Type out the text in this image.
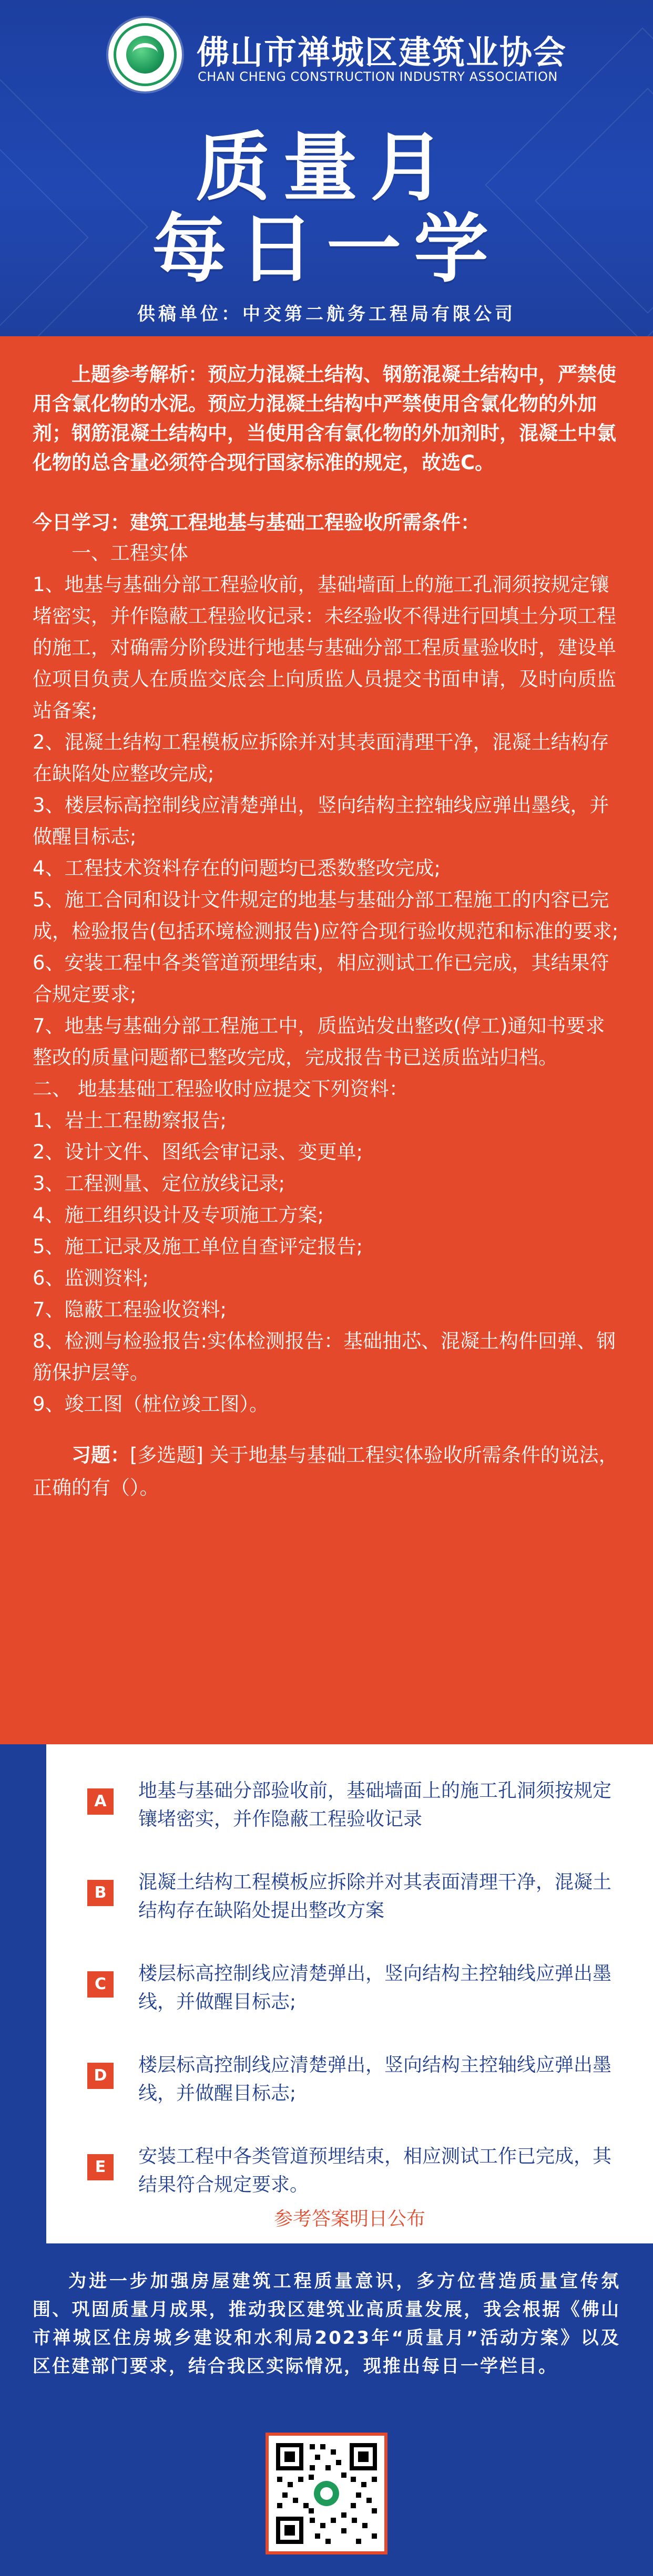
佛山市禅城区建筑业协会
CHAN CHENG CONSTRUCTION INDUSTRY ASSOCIATION
质量月
每日一学
供稿单位：中交第二航务工程局有限公司

上题参考解析：预应力混凝土结构、钢筋混凝土结构中，严禁使用含氯化物的水泥。预应力混凝土结构中严禁使用含氯化物的外加剂；钢筋混凝土结构中，当使用含有氯化物的外加剂时，混凝土中氯化物的总含量必须符合现行国家标准的规定，故选C。

今日学习：建筑工程地基与基础工程验收所需条件：

一、工程实体

1、地基与基础分部工程验收前，基础墙面上的施工孔洞须按规定镶堵密实，并作隐蔽工程验收记录：未经验收不得进行回填土分项工程的施工，对确需分阶段进行地基与基础分部工程质量验收时，建设单位项目负责人在质监交底会上向质监人员提交书面申请，及时向质监站备案;

2、混凝土结构工程模板应拆除并对其表面清理干净，混凝土结构存在缺陷处应整改完成;

3、楼层标高控制线应清楚弹出，竖向结构主控轴线应弹出墨线，并做醒目标志;

4、工程技术资料存在的问题均已悉数整改完成;

5、施工合同和设计文件规定的地基与基础分部工程施工的内容已完成，检验报告(包括环境检测报告)应符合现行验收规范和标准的要求;

6、安装工程中各类管道预埋结束，相应测试工作已完成，其结果符合规定要求;

7、地基与基础分部工程施工中，质监站发出整改(停工)通知书要求整改的质量问题都已整改完成，完成报告书已送质监站归档。

二、 地基基础工程验收时应提交下列资料：

1、岩土工程勘察报告;

2、设计文件、图纸会审记录、变更单;

3、工程测量、定位放线记录;

4、施工组织设计及专项施工方案;

5、施工记录及施工单位自查评定报告;

6、监测资料;

7、隐蔽工程验收资料;

8、检测与检验报告:实体检测报告：基础抽芯、混凝土构件回弹、钢筋保护层等。

9、竣工图（桩位竣工图）。

习题：[多选题] 关于地基与基础工程实体验收所需条件的说法，正确的有（）。

A	地基与基础分部验收前，基础墙面上的施工孔洞须按规定镶堵密实，并作隐蔽工程验收记录
B	混凝土结构工程模板应拆除并对其表面清理干净，混凝土结构存在缺陷处提出整改方案
C	楼层标高控制线应清楚弹出，竖向结构主控轴线应弹出墨线，并做醒目标志;
D	楼层标高控制线应清楚弹出，竖向结构主控轴线应弹出墨线，并做醒目标志;
E	安装工程中各类管道预埋结束，相应测试工作已完成，其结果符合规定要求。
参考答案明日公布

为进一步加强房屋建筑工程质量意识，多方位营造质量宣传氛围、巩固质量月成果，推动我区建筑业高质量发展，我会根据《佛山市禅城区住房城乡建设和水利局2023年“质量月”活动方案》以及区住建部门要求，结合我区实际情况，现推出每日一学栏目。
